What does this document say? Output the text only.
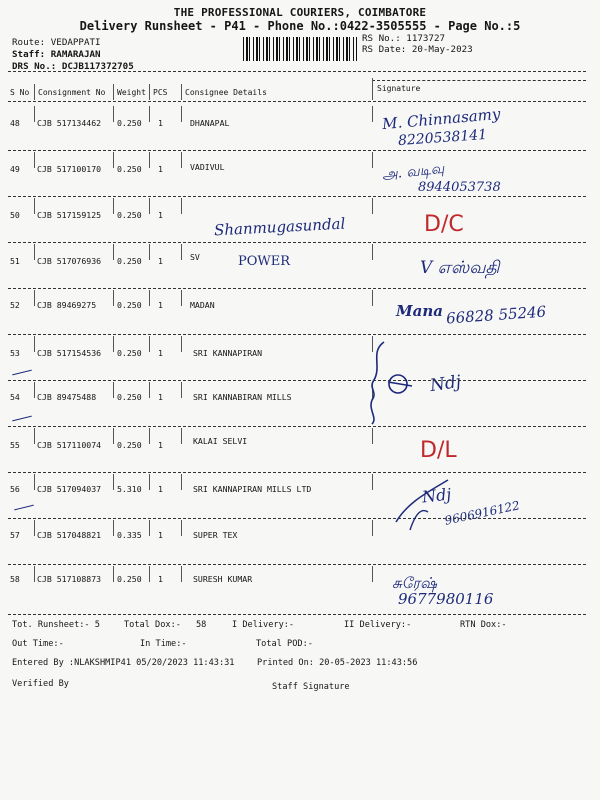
THE PROFESSIONAL COURIERS, COIMBATORE
Delivery Runsheet - P41 - Phone No.:0422-3505555 - Page No.:5
Route: VEDAPPATI
Staff: RAMARAJAN
DRS No.: DCJB117372705
RS No.: 1173727
RS Date: 20-May-2023
S No Consignment No Weight PCS Consignee Details	Signature
48 CJB 517134462 0.250 1	DHANAPAL	M. Chinnasamy
8220538141
49 CJB 517100170 0.250 1	VADIVUL	அ. வடிவு
8944053738
50 CJB 517159125 0.250 1	Shanmugasundal	D/C
51 CJB 517076936 0.250 1	SV	POWER	V எஸ்வதி
52 CJB 89469275	0.250 1	MADAN	Mana 66828 55246
53 CJB 517154536 0.250 1	SRI KANNAPIRAN
54 CJB 89475488	0.250 1	SRI KANNABIRAN MILLS
Ndj
55 CJB 517110074 0.250 1	KALAI SELVI	D/L
56 CJB 517094037 5.310 1	SRI KANNAPIRAN MILLS LTD	Ndj
9606916122
57 CJB 517048821 0.335 1	SUPER TEX
58 CJB 517108873 0.250 1	SURESH KUMAR	சுரேஷ்
9677980116
Tot. Runsheet:- 5	Total Dox:- 58	I Delivery:-	II Delivery:-	RTN Dox:-
Out Time:-	In Time:-	Total POD:-
Entered By :NLAKSHMIP41 05/20/2023 11:43:31	Printed On: 20-05-2023 11:43:56
Verified By	Staff Signature
